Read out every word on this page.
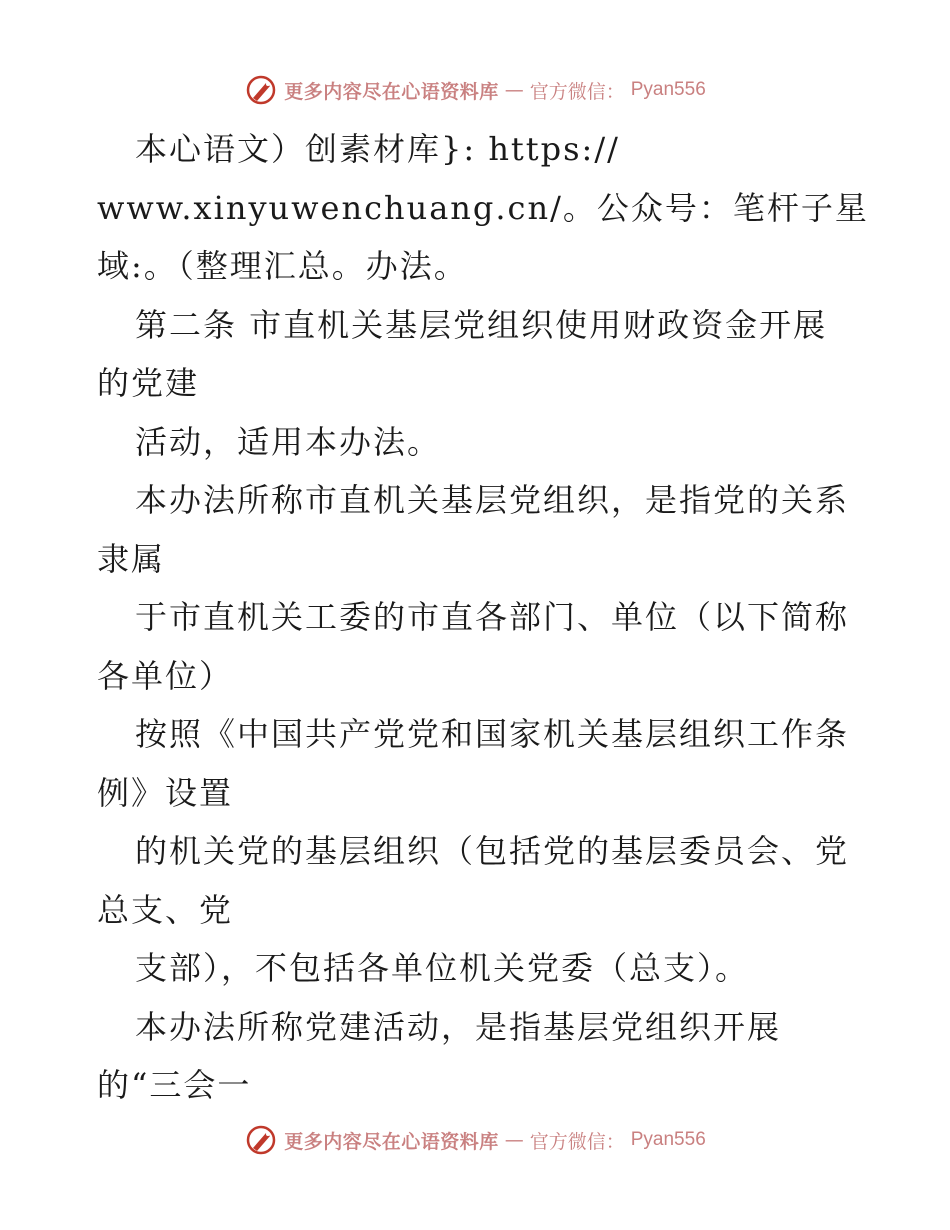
更多内容尽在心语资料库 — 官方微信： Pyan556
本心语文）创素材库}: https://
www.xinyuwenchuang.cn/。公众号：笔杆子星
域:。（整理汇总。办法。
第二条 市直机关基层党组织使用财政资金开展
的党建
活动，适用本办法。
本办法所称市直机关基层党组织，是指党的关系
隶属
于市直机关工委的市直各部门、单位（以下简称
各单位）
按照《中国共产党党和国家机关基层组织工作条
例》设置
的机关党的基层组织（包括党的基层委员会、党
总支、党
支部），不包括各单位机关党委（总支）。
本办法所称党建活动，是指基层党组织开展
的“三会一
更多内容尽在心语资料库 — 官方微信： Pyan556
